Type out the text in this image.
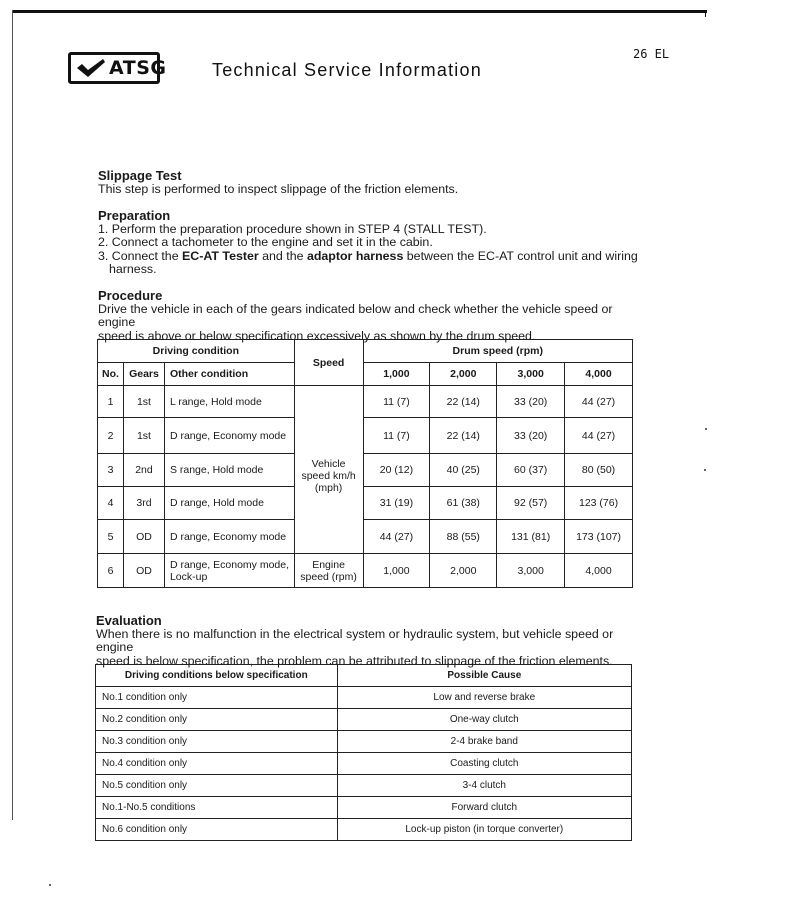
ATSG	Technical Service Information
26 EL
Slippage Test
This step is performed to inspect slippage of the friction elements.
Preparation
1. Perform the preparation procedure shown in STEP 4 (STALL TEST).
2. Connect a tachometer to the engine and set it in the cabin.
3. Connect the EC-AT Tester and the adaptor harness between the EC-AT control unit and wiring
harness.
Procedure
Drive the vehicle in each of the gears indicated below and check whether the vehicle speed or engine
speed is above or below specification excessively as shown by the drum speed.
Driving condition			Speed	Drum speed (rpm)			
No.	Gears	Other condition		1,000	2,000	3,000	4,000
1	1st	L range, Hold mode	Vehicle speed km/h (mph)	11 (7)	22 (14)	33 (20)	44 (27)
2	1st	D range, Economy mode		11 (7)	22 (14)	33 (20)	44 (27)
3	2nd	S range, Hold mode		20 (12)	40 (25)	60 (37)	80 (50)
4	3rd	D range, Hold mode		31 (19)	61 (38)	92 (57)	123 (76)
5	OD	D range, Economy mode		44 (27)	88 (55)	131 (81)	173 (107)
6	OD	D range, Economy mode, Lock-up	Engine speed (rpm)	1,000	2,000	3,000	4,000
Evaluation
When there is no malfunction in the electrical system or hydraulic system, but vehicle speed or engine
speed is below specification, the problem can be attributed to slippage of the friction elements.
Driving conditions below specification	Possible Cause
No.1 condition only	Low and reverse brake
No.2 condition only	One-way clutch
No.3 condition only	2-4 brake band
No.4 condition only	Coasting clutch
No.5 condition only	3-4 clutch
No.1-No.5 conditions	Forward clutch
No.6 condition only	Lock-up piston (in torque converter)
